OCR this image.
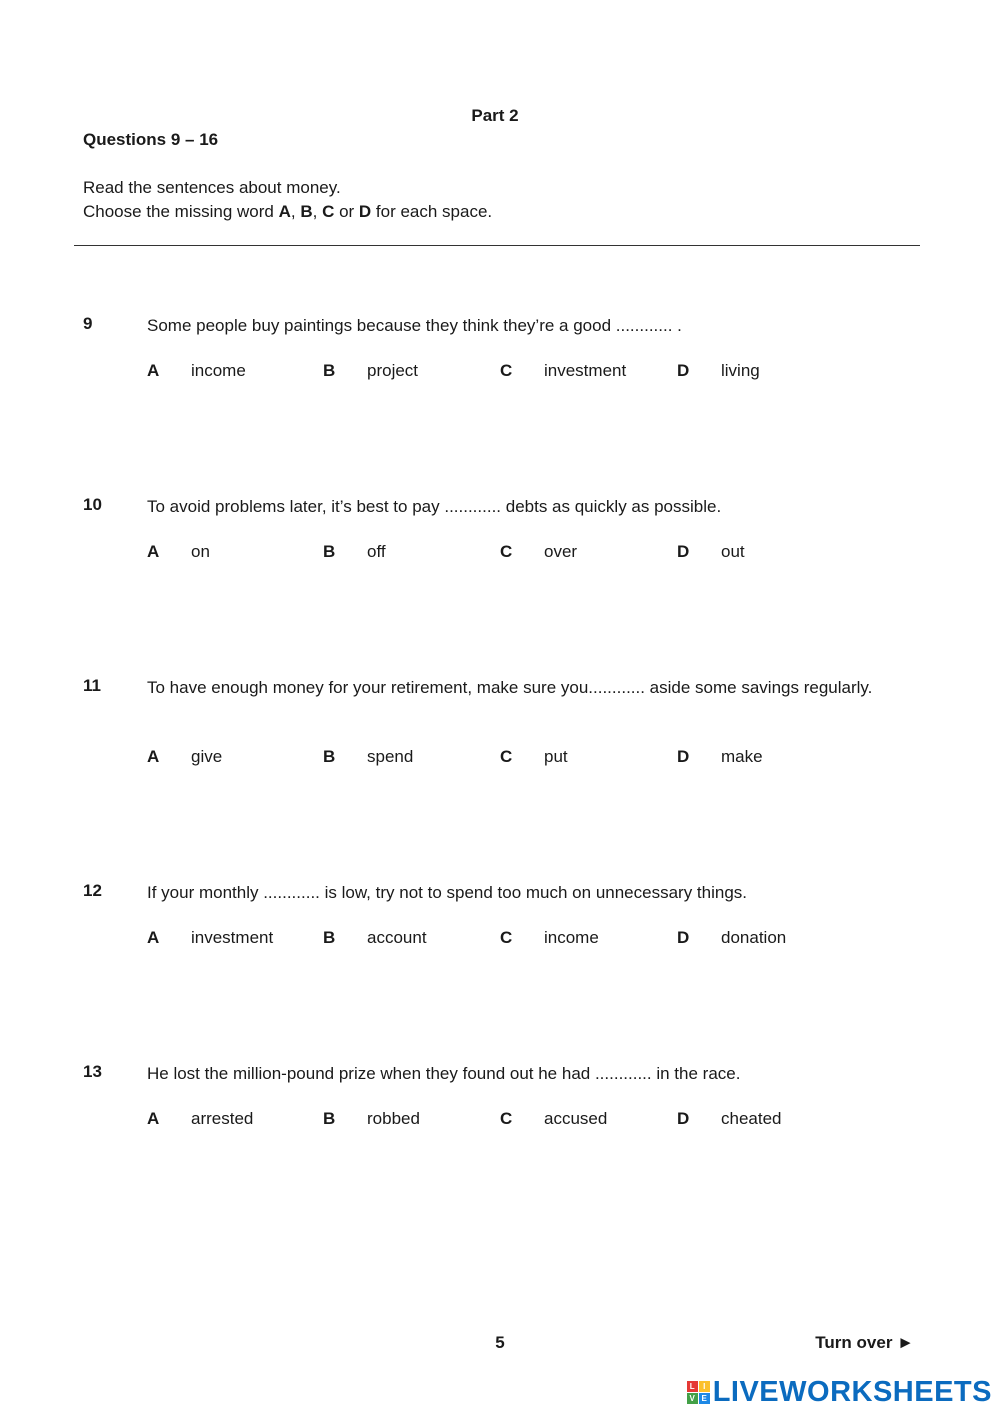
Part 2
Questions 9 – 16
Read the sentences about money.
Choose the missing word A, B, C or D for each space.
9	Some people buy paintings because they think they’re a good ............ .
A income	B project	C investment	D living
10	To avoid problems later, it’s best to pay ............ debts as quickly as possible.
A on	B off	C over	D out
11	To have enough money for your retirement, make sure you............ aside some savings regularly.
A give	B spend	C put	D make
12	If your monthly ............ is low, try not to spend too much on unnecessary things.
A investment	B account	C income	D donation
13	He lost the million-pound prize when they found out he had ............ in the race.
A arrested	B robbed	C accused	D cheated
5	Turn over ►
L	I
V E LIVEWORKSHEETS
